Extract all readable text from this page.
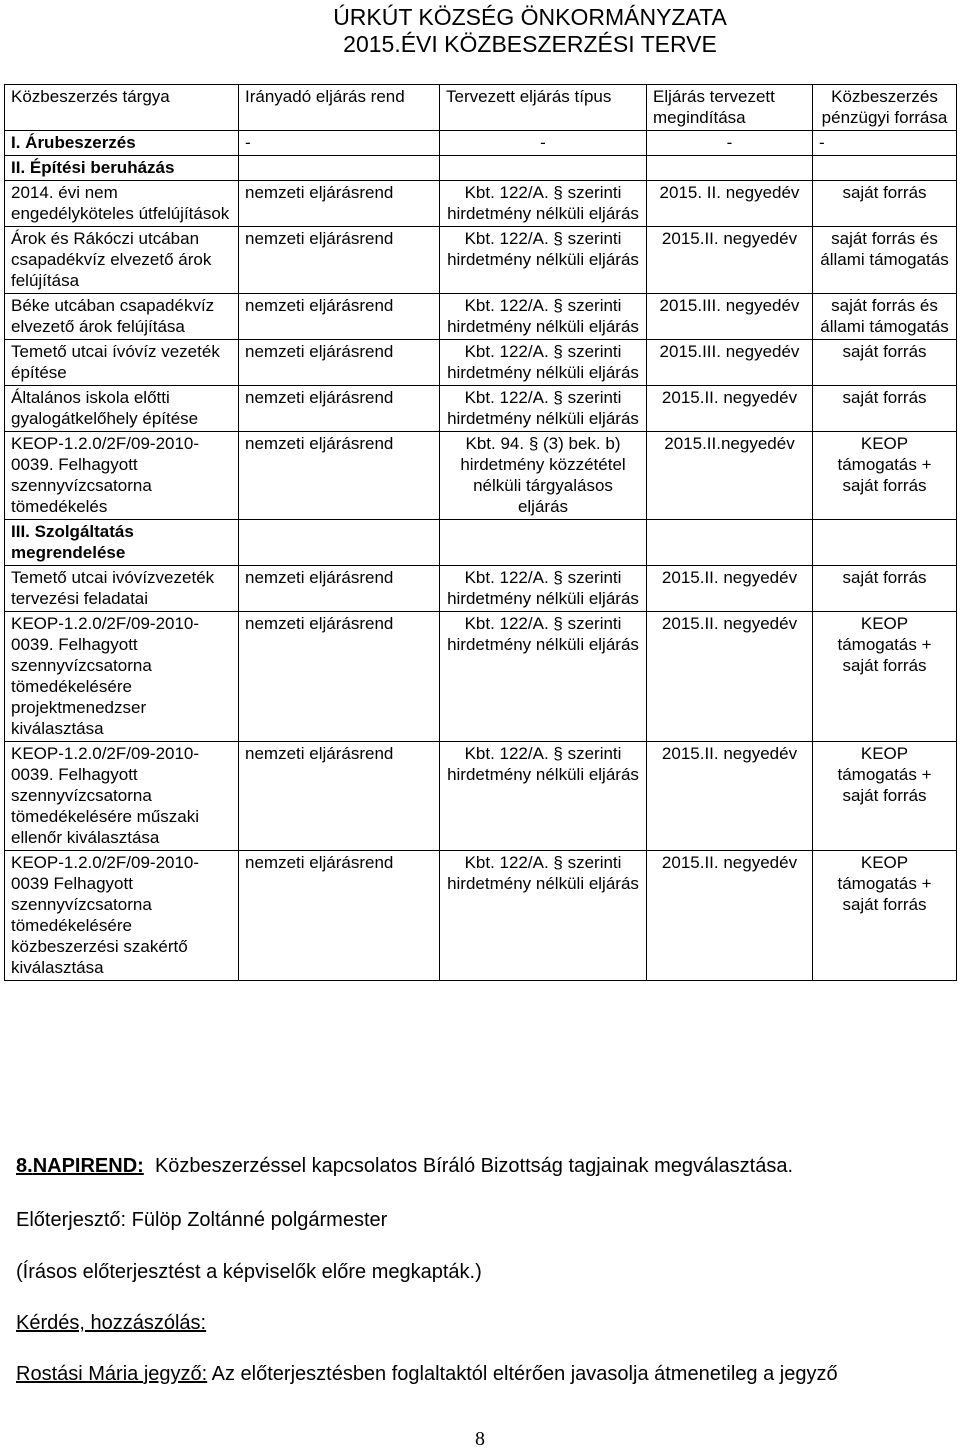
ÚRKÚT KÖZSÉG ÖNKORMÁNYZATA
2015.ÉVI KÖZBESZERZÉSI TERVE
Közbeszerzés tárgya	Irányadó eljárás rend	Tervezett eljárás típus	Eljárás tervezett megindítása	Közbeszerzés pénzügyi forrása
I. Árubeszerzés	-	-	-	-
II. Építési beruházás				
2014. évi nem engedélyköteles útfelújítások	nemzeti eljárásrend	Kbt. 122/A. § szerinti hirdetmény nélküli eljárás	2015. II. negyedév	saját forrás
Árok és Rákóczi utcában csapadékvíz elvezető árok felújítása	nemzeti eljárásrend	Kbt. 122/A. § szerinti hirdetmény nélküli eljárás	2015.II. negyedév	saját forrás és állami támogatás
Béke utcában csapadékvíz elvezető árok felújítása	nemzeti eljárásrend	Kbt. 122/A. § szerinti hirdetmény nélküli eljárás	2015.III. negyedév	saját forrás és állami támogatás
Temető utcai ívóvíz vezeték építése	nemzeti eljárásrend	Kbt. 122/A. § szerinti hirdetmény nélküli eljárás	2015.III. negyedév	saját forrás
Általános iskola előtti gyalogátkelőhely építése	nemzeti eljárásrend	Kbt. 122/A. § szerinti hirdetmény nélküli eljárás	2015.II. negyedév	saját forrás
KEOP-1.2.0/2F/09-2010-0039. Felhagyott szennyvízcsatorna tömedékelés	nemzeti eljárásrend	Kbt. 94. § (3) bek. b) hirdetmény közzététel nélküli tárgyalásos eljárás	2015.II.negyedév	KEOP támogatás + saját forrás
III. Szolgáltatás megrendelése				
Temető utcai ivóvízvezeték tervezési feladatai	nemzeti eljárásrend	Kbt. 122/A. § szerinti hirdetmény nélküli eljárás	2015.II. negyedév	saját forrás
KEOP-1.2.0/2F/09-2010-0039. Felhagyott szennyvízcsatorna tömedékelésére projektmenedzser kiválasztása	nemzeti eljárásrend	Kbt. 122/A. § szerinti hirdetmény nélküli eljárás	2015.II. negyedév	KEOP támogatás + saját forrás
KEOP-1.2.0/2F/09-2010-0039. Felhagyott szennyvízcsatorna tömedékelésére műszaki ellenőr kiválasztása	nemzeti eljárásrend	Kbt. 122/A. § szerinti hirdetmény nélküli eljárás	2015.II. negyedév	KEOP támogatás + saját forrás
KEOP-1.2.0/2F/09-2010-0039 Felhagyott szennyvízcsatorna tömedékelésére közbeszerzési szakértő kiválasztása	nemzeti eljárásrend	Kbt. 122/A. § szerinti hirdetmény nélküli eljárás	2015.II. negyedév	KEOP támogatás + saját forrás
8.NAPIREND: Közbeszerzéssel kapcsolatos Bíráló Bizottság tagjainak megválasztása.
Előterjesztő: Fülöp Zoltánné polgármester
(Írásos előterjesztést a képviselők előre megkapták.)
Kérdés, hozzászólás:
Rostási Mária jegyző: Az előterjesztésben foglaltaktól eltérően javasolja átmenetileg a jegyző
8
